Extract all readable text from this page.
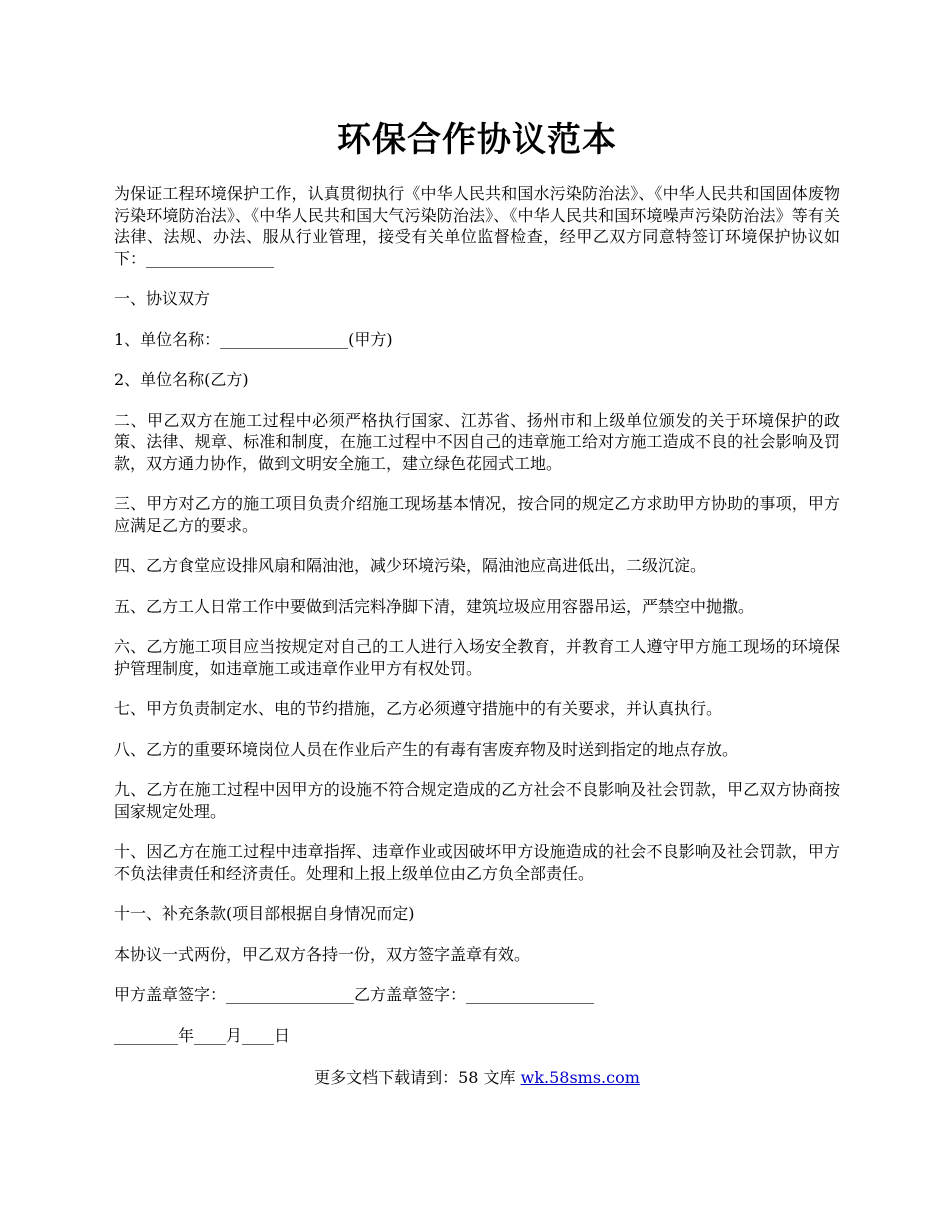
环保合作协议范本

为保证工程环境保护工作，认真贯彻执行《中华人民共和国水污染防治法》、《中华人民共和国固体废物污染环境防治法》、《中华人民共和国大气污染防治法》、《中华人民共和国环境噪声污染防治法》等有关法律、法规、办法、服从行业管理，接受有关单位监督检查，经甲乙双方同意特签订环境保护协议如下：________________

一、协议双方

1、单位名称：________________(甲方)

2、单位名称(乙方)

二、甲乙双方在施工过程中必须严格执行国家、江苏省、扬州市和上级单位颁发的关于环境保护的政策、法律、规章、标准和制度，在施工过程中不因自己的违章施工给对方施工造成不良的社会影响及罚款，双方通力协作，做到文明安全施工，建立绿色花园式工地。

三、甲方对乙方的施工项目负责介绍施工现场基本情况，按合同的规定乙方求助甲方协助的事项，甲方应满足乙方的要求。

四、乙方食堂应设排风扇和隔油池，减少环境污染，隔油池应高进低出，二级沉淀。

五、乙方工人日常工作中要做到活完料净脚下清，建筑垃圾应用容器吊运，严禁空中抛撒。

六、乙方施工项目应当按规定对自己的工人进行入场安全教育，并教育工人遵守甲方施工现场的环境保护管理制度，如违章施工或违章作业甲方有权处罚。

七、甲方负责制定水、电的节约措施，乙方必须遵守措施中的有关要求，并认真执行。

八、乙方的重要环境岗位人员在作业后产生的有毒有害废弃物及时送到指定的地点存放。

九、乙方在施工过程中因甲方的设施不符合规定造成的乙方社会不良影响及社会罚款，甲乙双方协商按国家规定处理。

十、因乙方在施工过程中违章指挥、违章作业或因破坏甲方设施造成的社会不良影响及社会罚款，甲方不负法律责任和经济责任。处理和上报上级单位由乙方负全部责任。

十一、补充条款(项目部根据自身情况而定)

本协议一式两份，甲乙双方各持一份，双方签字盖章有效。

甲方盖章签字：________________乙方盖章签字：________________

________年____月____日

更多文档下载请到：58 文库 wk.58sms.com
